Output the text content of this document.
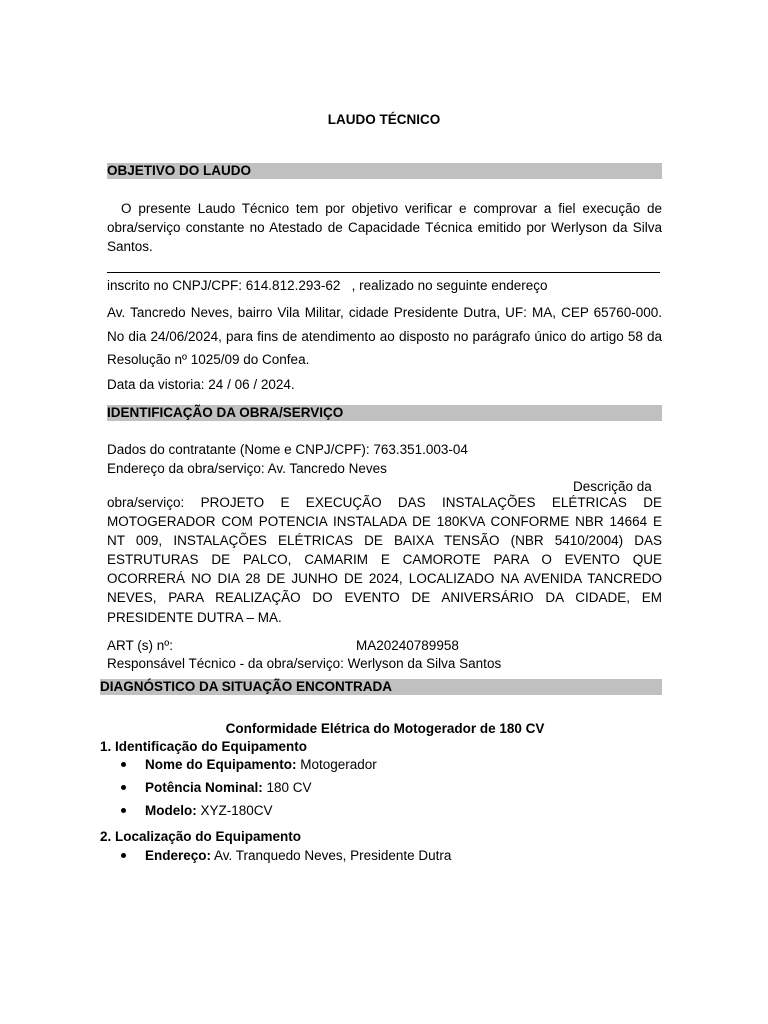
LAUDO TÉCNICO
OBJETIVO DO LAUDO
O presente Laudo Técnico tem por objetivo verificar e comprovar a fiel execução de obra/serviço constante no Atestado de Capacidade Técnica emitido por Werlyson da Silva Santos.
inscrito no CNPJ/CPF: 614.812.293-62   , realizado no seguinte endereço
Av. Tancredo Neves, bairro Vila Militar, cidade Presidente Dutra, UF: MA, CEP 65760-000. No dia 24/06/2024, para fins de atendimento ao disposto no parágrafo único do artigo 58 da Resolução nº 1025/09 do Confea.
Data da vistoria: 24 / 06 / 2024.
IDENTIFICAÇÃO DA OBRA/SERVIÇO
Dados do contratante (Nome e CNPJ/CPF): 763.351.003-04
Endereço da obra/serviço: Av. Tancredo Neves
Descrição da
obra/serviço: PROJETO E EXECUÇÃO DAS INSTALAÇÕES ELÉTRICAS DE MOTOGERADOR COM POTENCIA INSTALADA DE 180KVA CONFORME NBR 14664 E NT 009, INSTALAÇÕES ELÉTRICAS DE BAIXA TENSÃO (NBR 5410/2004) DAS ESTRUTURAS DE PALCO, CAMARIM E CAMOROTE PARA O EVENTO QUE OCORRERÁ NO DIA 28 DE JUNHO DE 2024, LOCALIZADO NA AVENIDA TANCREDO NEVES, PARA REALIZAÇÃO DO EVENTO DE ANIVERSÁRIO DA CIDADE, EM PRESIDENTE DUTRA – MA.
ART (s) nº:	MA20240789958
Responsável Técnico - da obra/serviço: Werlyson da Silva Santos
DIAGNÓSTICO DA SITUAÇÃO ENCONTRADA
Conformidade Elétrica do Motogerador de 180 CV
1. Identificação do Equipamento
Nome do Equipamento: Motogerador
Potência Nominal: 180 CV
Modelo: XYZ-180CV
2. Localização do Equipamento
Endereço: Av. Tranquedo Neves, Presidente Dutra
